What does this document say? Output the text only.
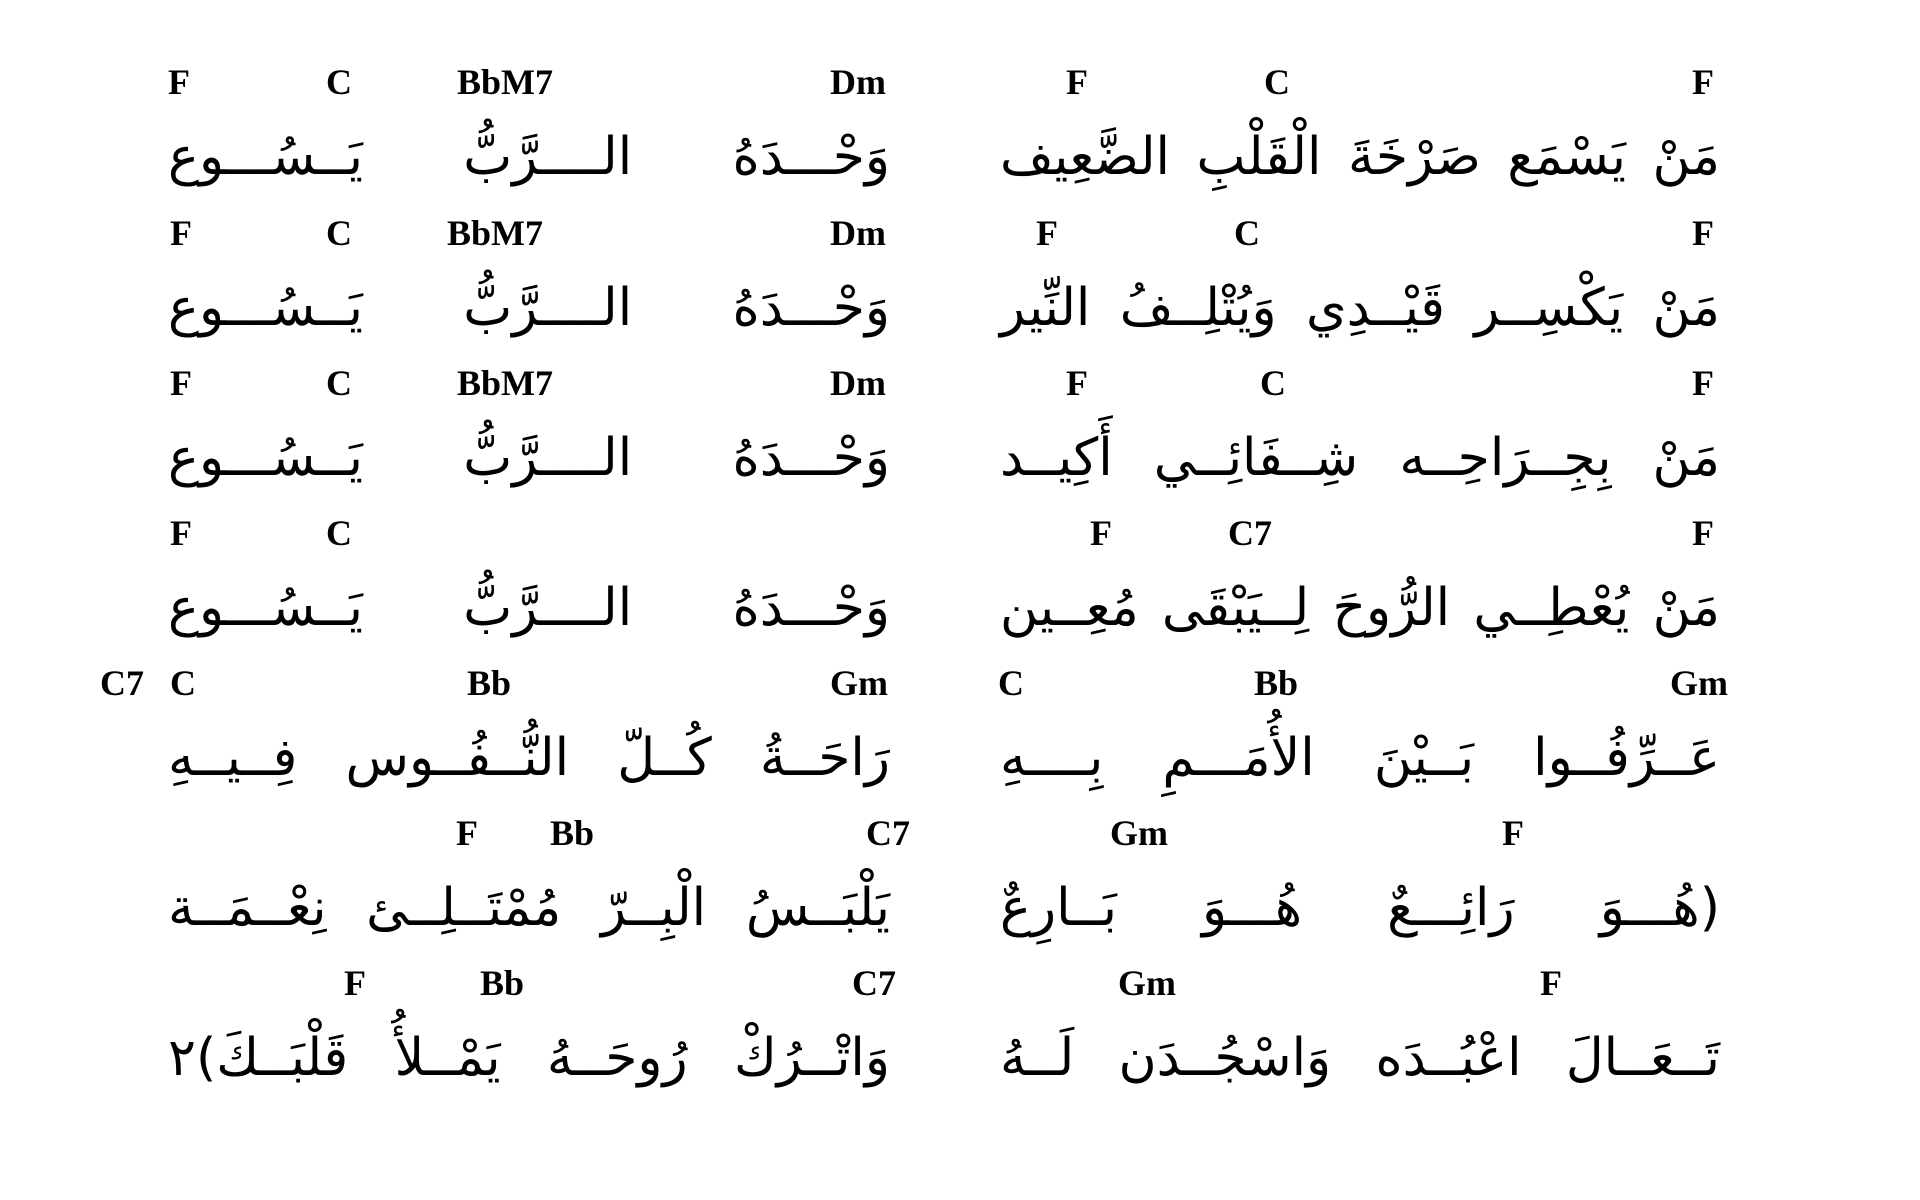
F	C	BbM7	Dm	F	C	F
وَحْـــدَهُ الــــرَّبُّ يَــسُـــوع مَنْ يَسْمَع صَرْخَةَ الْقَلْبِ الضَّعِيف
F	C	BbM7	Dm	F	C	F
وَحْـــدَهُ الــــرَّبُّ يَــسُـــوع مَنْ يَكْسِــر قَيْــدِي وَيُتْلِــفُ النِّير
F	C	BbM7	Dm	F	C	F
وَحْـــدَهُ الــــرَّبُّ يَــسُـــوع مَنْ بِجِــرَاحِــه شِــفَائِــي أَكِيــد
F	C	F	C7	F
وَحْـــدَهُ الــــرَّبُّ يَــسُـــوع مَنْ يُعْطِــي الرُّوحَ لِــيَبْقَى مُعِــين
C7 C	Bb	Gm	C	Bb	Gm
رَاحَــةُ كُــلّ النُّــفُــوس فِــيــهِ عَــرِّفُــوا بَــيْنَ الأُمَـــمِ بِــــهِ
F Bb	C7	Gm	F
يَلْبَــسُ الْبِــرّ مُمْتَــلِــئ نِعْــمَــة (هُـــوَ رَائِـــعٌ هُـــوَ بَــارِعٌ
F	Bb	C7	Gm	F
وَاتْــرُكْ رُوحَــهُ يَمْــلأُ قَلْبَــكَ)٢ تَــعَــالَ اعْبُــدَه وَاسْجُــدَن لَــهُ
